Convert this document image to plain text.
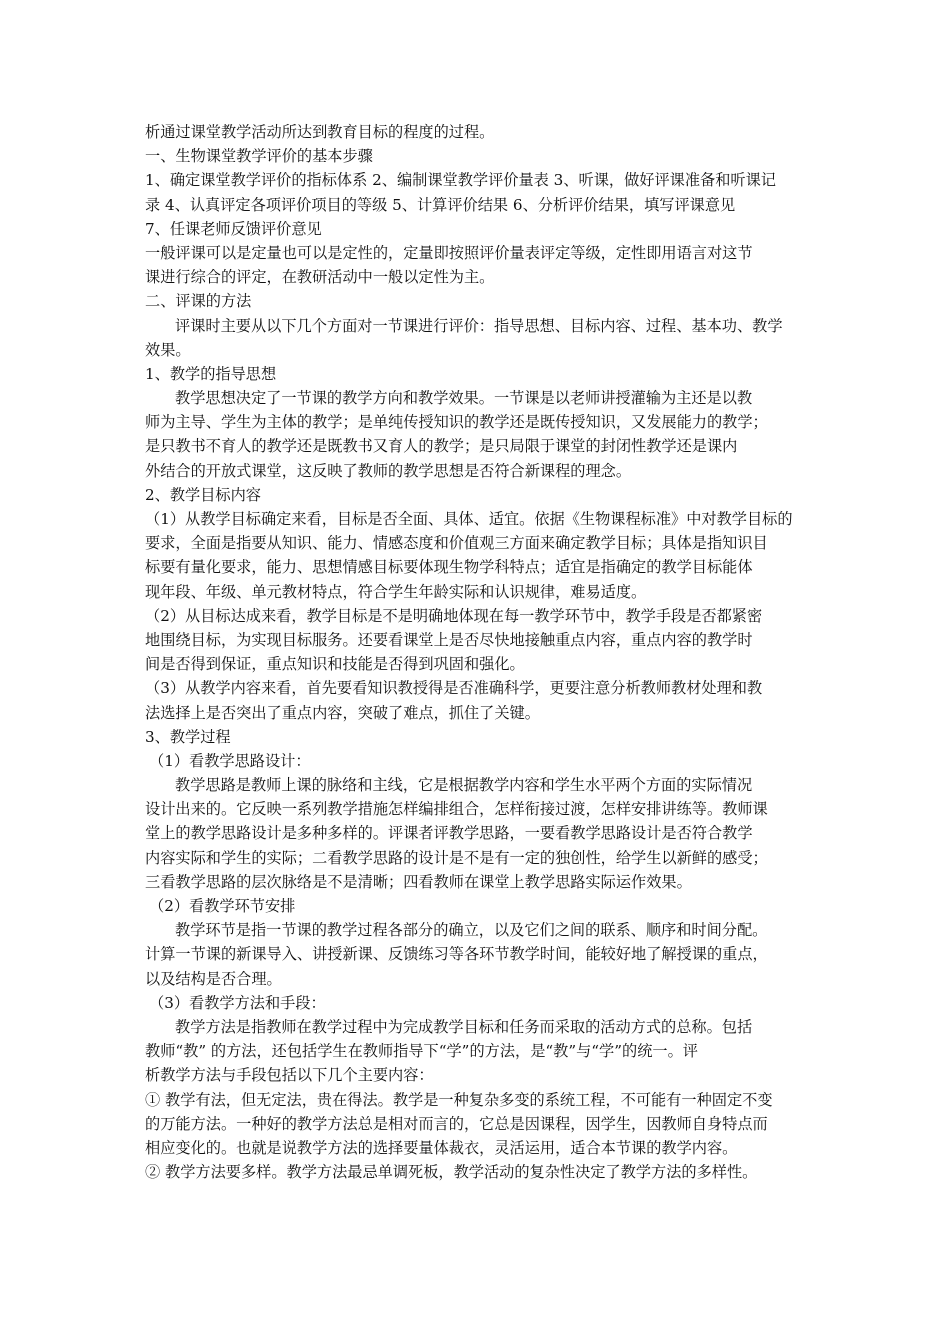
析通过课堂教学活动所达到教育目标的程度的过程。
一、生物课堂教学评价的基本步骤
1、确定课堂教学评价的指标体系 2、编制课堂教学评价量表 3、听课，做好评课准备和听课记
录 4、认真评定各项评价项目的等级 5、计算评价结果 6、分析评价结果，填写评课意见
7、任课老师反馈评价意见
一般评课可以是定量也可以是定性的，定量即按照评价量表评定等级，定性即用语言对这节
课进行综合的评定，在教研活动中一般以定性为主。
二、评课的方法
评课时主要从以下几个方面对一节课进行评价：指导思想、目标内容、过程、基本功、教学
效果。
1、教学的指导思想
教学思想决定了一节课的教学方向和教学效果。一节课是以老师讲授灌输为主还是以教
师为主导、学生为主体的教学；是单纯传授知识的教学还是既传授知识，又发展能力的教学；
是只教书不育人的教学还是既教书又育人的教学；是只局限于课堂的封闭性教学还是课内
外结合的开放式课堂，这反映了教师的教学思想是否符合新课程的理念。
2、教学目标内容
（1）从教学目标确定来看，目标是否全面、具体、适宜。依据《生物课程标准》中对教学目标的
要求，全面是指要从知识、能力、情感态度和价值观三方面来确定教学目标；具体是指知识目
标要有量化要求，能力、思想情感目标要体现生物学科特点；适宜是指确定的教学目标能体
现年段、年级、单元教材特点，符合学生年龄实际和认识规律，难易适度。
（2）从目标达成来看，教学目标是不是明确地体现在每一教学环节中，教学手段是否都紧密
地围绕目标，为实现目标服务。还要看课堂上是否尽快地接触重点内容，重点内容的教学时
间是否得到保证，重点知识和技能是否得到巩固和强化。
（3）从教学内容来看，首先要看知识教授得是否准确科学，更要注意分析教师教材处理和教
法选择上是否突出了重点内容，突破了难点，抓住了关键。
3、教学过程
（1）看教学思路设计：
教学思路是教师上课的脉络和主线，它是根据教学内容和学生水平两个方面的实际情况
设计出来的。它反映一系列教学措施怎样编排组合，怎样衔接过渡，怎样安排讲练等。教师课
堂上的教学思路设计是多种多样的。评课者评教学思路，一要看教学思路设计是否符合教学
内容实际和学生的实际；二看教学思路的设计是不是有一定的独创性，给学生以新鲜的感受；
三看教学思路的层次脉络是不是清晰；四看教师在课堂上教学思路实际运作效果。
（2）看教学环节安排
教学环节是指一节课的教学过程各部分的确立，以及它们之间的联系、顺序和时间分配。
计算一节课的新课导入、讲授新课、反馈练习等各环节教学时间，能较好地了解授课的重点，
以及结构是否合理。
（3）看教学方法和手段：
教学方法是指教师在教学过程中为完成教学目标和任务而采取的活动方式的总称。包括
教师“教” 的方法，还包括学生在教师指导下“学”的方法，是“教”与“学”的统一。评
析教学方法与手段包括以下几个主要内容：
① 教学有法，但无定法，贵在得法。教学是一种复杂多变的系统工程，不可能有一种固定不变
的万能方法。一种好的教学方法总是相对而言的，它总是因课程，因学生，因教师自身特点而
相应变化的。也就是说教学方法的选择要量体裁衣，灵活运用，适合本节课的教学内容。
② 教学方法要多样。教学方法最忌单调死板，教学活动的复杂性决定了教学方法的多样性。
